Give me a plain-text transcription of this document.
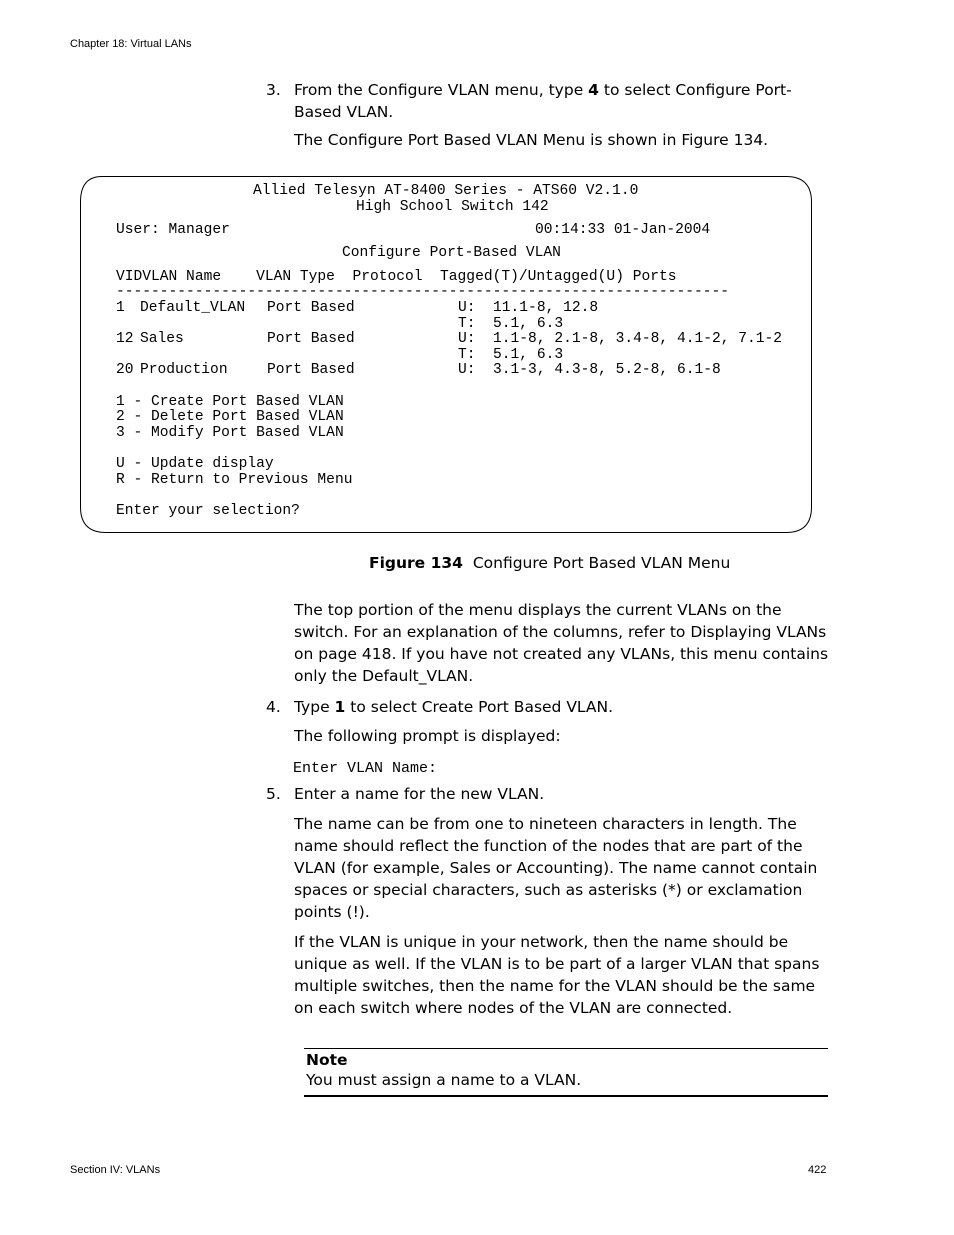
Chapter 18: Virtual LANs
3. From the Configure VLAN menu, type 4 to select Configure Port-Based VLAN.
The Configure Port Based VLAN Menu is shown in Figure 134.
Allied Telesyn AT-8400 Series - ATS60 V2.1.0
High School Switch 142
User: Manager	00:14:33 01-Jan-2004
Configure Port-Based VLAN
VIDVLAN Name    VLAN Type  Protocol  Tagged(T)/Untagged(U) Ports
----------------------------------------------------------------------
1 Default_VLAN Port Based	U:  11.1-8, 12.8
T:  5.1, 6.3
12 Sales	Port Based	U:  1.1-8, 2.1-8, 3.4-8, 4.1-2, 7.1-2
T:  5.1, 6.3
20 Production	Port Based	U:  3.1-3, 4.3-8, 5.2-8, 6.1-8
1 - Create Port Based VLAN
2 - Delete Port Based VLAN
3 - Modify Port Based VLAN
U - Update display
R - Return to Previous Menu
Enter your selection?
Figure 134 Configure Port Based VLAN Menu
The top portion of the menu displays the current VLANs on the switch. For an explanation of the columns, refer to Displaying VLANs on page 418. If you have not created any VLANs, this menu contains only the Default_VLAN.
4. Type 1 to select Create Port Based VLAN.
The following prompt is displayed:
Enter VLAN Name:
5. Enter a name for the new VLAN.
The name can be from one to nineteen characters in length. The name should reflect the function of the nodes that are part of the VLAN (for example, Sales or Accounting). The name cannot contain spaces or special characters, such as asterisks (*) or exclamation points (!).
If the VLAN is unique in your network, then the name should be unique as well. If the VLAN is to be part of a larger VLAN that spans multiple switches, then the name for the VLAN should be the same on each switch where nodes of the VLAN are connected.
Note
You must assign a name to a VLAN.
Section IV: VLANs	422
